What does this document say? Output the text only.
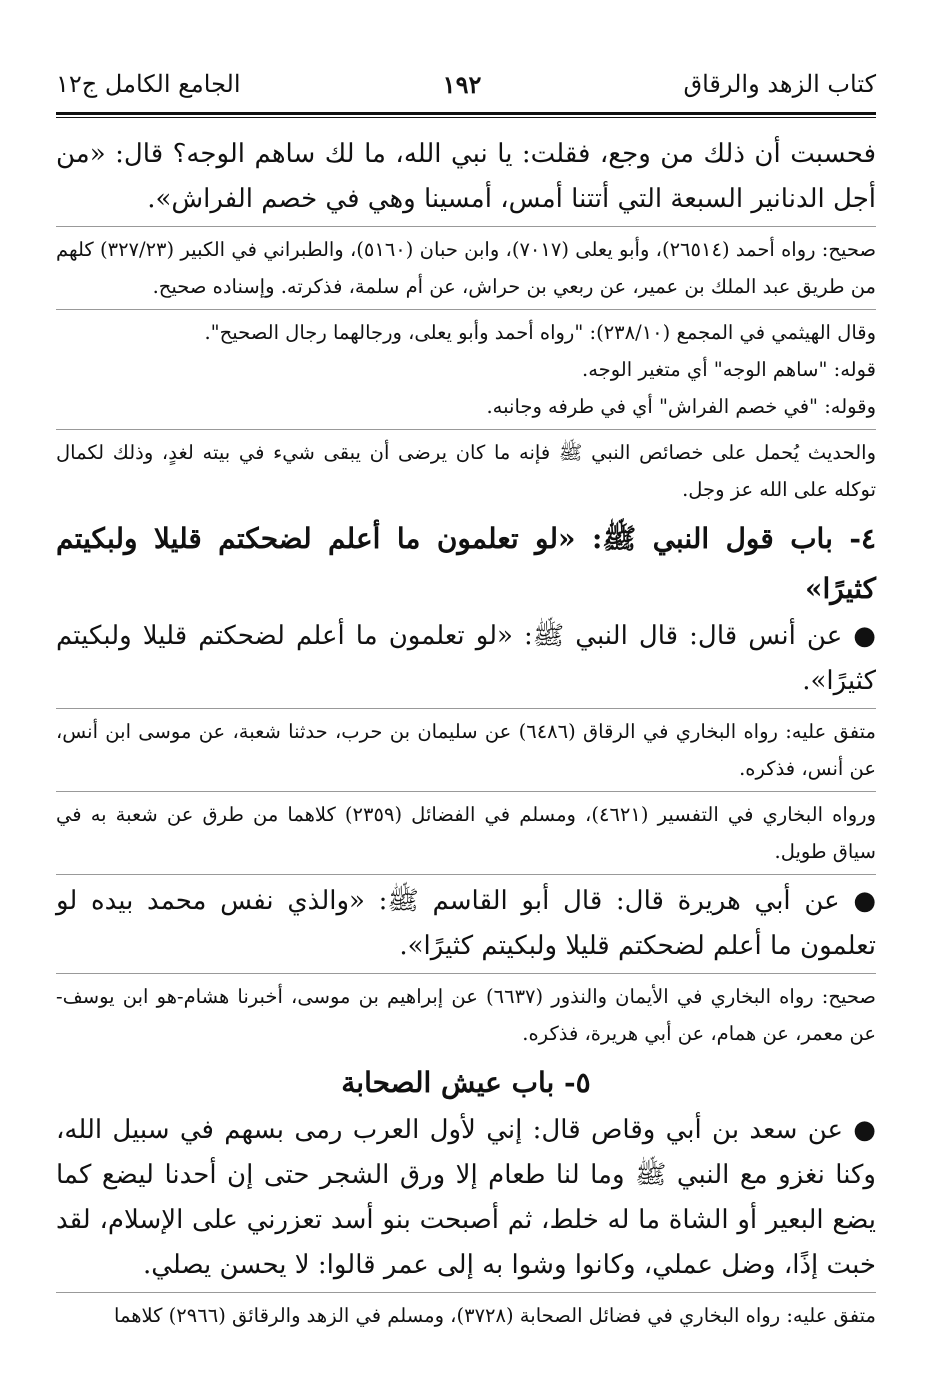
كتاب الزهد والرقاق
١٩٢
الجامع الكامل ج١٢

فحسبت أن ذلك من وجع، فقلت: يا نبي الله، ما لك ساهم الوجه؟ قال: «من أجل الدنانير السبعة التي أتتنا أمس، أمسينا وهي في خصم الفراش».

صحيح: رواه أحمد (٢٦٥١٤)، وأبو يعلى (٧٠١٧)، وابن حبان (٥١٦٠)، والطبراني في الكبير (٣٢٧/٢٣) كلهم من طريق عبد الملك بن عمير، عن ربعي بن حراش، عن أم سلمة، فذكرته. وإسناده صحيح.

وقال الهيثمي في المجمع (٢٣٨/١٠): "رواه أحمد وأبو يعلى، ورجالهما رجال الصحيح".

قوله: "ساهم الوجه" أي متغير الوجه.

وقوله: "في خصم الفراش" أي في طرفه وجانبه.

والحديث يُحمل على خصائص النبي ﷺ فإنه ما كان يرضى أن يبقى شيء في بيته لغدٍ، وذلك لكمال توكله على الله عز وجل.

٤- باب قول النبي ﷺ: «لو تعلمون ما أعلم لضحكتم قليلا ولبكيتم كثيرًا»

● عن أنس قال: قال النبي ﷺ: «لو تعلمون ما أعلم لضحكتم قليلا ولبكيتم كثيرًا».

متفق عليه: رواه البخاري في الرقاق (٦٤٨٦) عن سليمان بن حرب، حدثنا شعبة، عن موسى ابن أنس، عن أنس، فذكره.

ورواه البخاري في التفسير (٤٦٢١)، ومسلم في الفضائل (٢٣٥٩) كلاهما من طرق عن شعبة به في سياق طويل.

● عن أبي هريرة قال: قال أبو القاسم ﷺ: «والذي نفس محمد بيده لو تعلمون ما أعلم لضحكتم قليلا ولبكيتم كثيرًا».

صحيح: رواه البخاري في الأيمان والنذور (٦٦٣٧) عن إبراهيم بن موسى، أخبرنا هشام-هو ابن يوسف- عن معمر، عن همام، عن أبي هريرة، فذكره.

٥- باب عيش الصحابة

● عن سعد بن أبي وقاص قال: إني لأول العرب رمى بسهم في سبيل الله، وكنا نغزو مع النبي ﷺ وما لنا طعام إلا ورق الشجر حتى إن أحدنا ليضع كما يضع البعير أو الشاة ما له خلط، ثم أصبحت بنو أسد تعزرني على الإسلام، لقد خبت إذًا، وضل عملي، وكانوا وشوا به إلى عمر قالوا: لا يحسن يصلي.

متفق عليه: رواه البخاري في فضائل الصحابة (٣٧٢٨)، ومسلم في الزهد والرقائق (٢٩٦٦) كلاهما
